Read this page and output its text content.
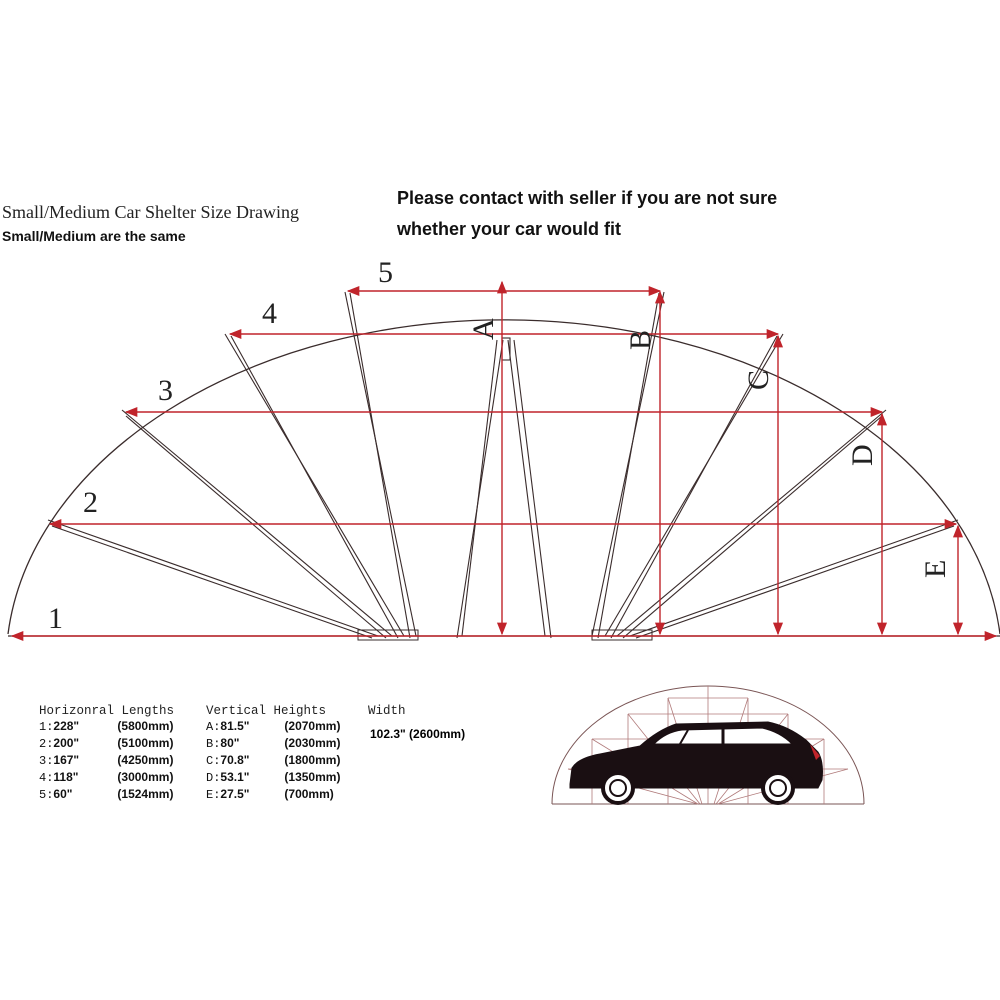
Small/Medium Car Shelter Size Drawing
Small/Medium are the same
Please contact with seller if you are not sure
whether your car would fit
1
2
3
4
5
A	B
C
D
E
Horizonral Lengths
1:228"	(5800mm)
2:200"	(5100mm)
3:167"	(4250mm)
4:118"	(3000mm)
5:60"	(1524mm)
Vertical Heights
A:81.5"	(2070mm)
B:80"	(2030mm)
C:70.8"	(1800mm)
D:53.1"	(1350mm)
E:27.5"	(700mm)
Width
102.3" (2600mm)
